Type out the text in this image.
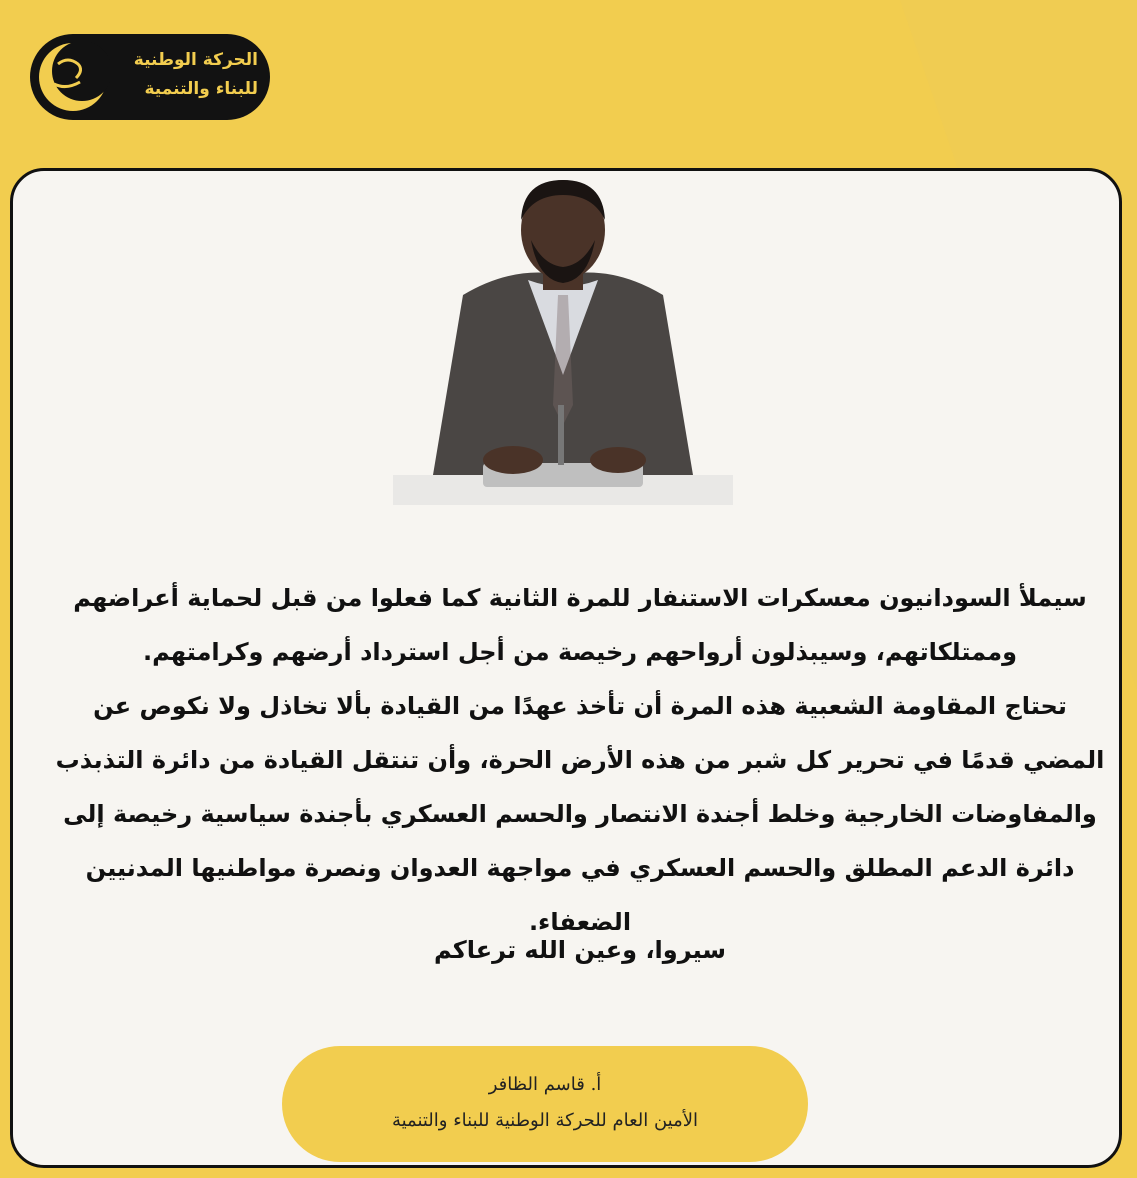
الحركة الوطنية
للبناء والتنمية

سيملأ السودانيون معسكرات الاستنفار للمرة الثانية كما فعلوا من قبل لحماية أعراضهم وممتلكاتهم، وسيبذلون أرواحهم رخيصة من أجل استرداد أرضهم وكرامتهم.

تحتاج المقاومة الشعبية هذه المرة أن تأخذ عهدًا من القيادة بألا تخاذل ولا نكوص عن المضي قدمًا في تحرير كل شبر من هذه الأرض الحرة، وأن تنتقل القيادة من دائرة التذبذب والمفاوضات الخارجية وخلط أجندة الانتصار والحسم العسكري بأجندة سياسية رخيصة إلى دائرة الدعم المطلق والحسم العسكري في مواجهة العدوان ونصرة مواطنيها المدنيين الضعفاء.

سيروا، وعين الله ترعاكم
أ. قاسم الظافر
الأمين العام للحركة الوطنية للبناء والتنمية
